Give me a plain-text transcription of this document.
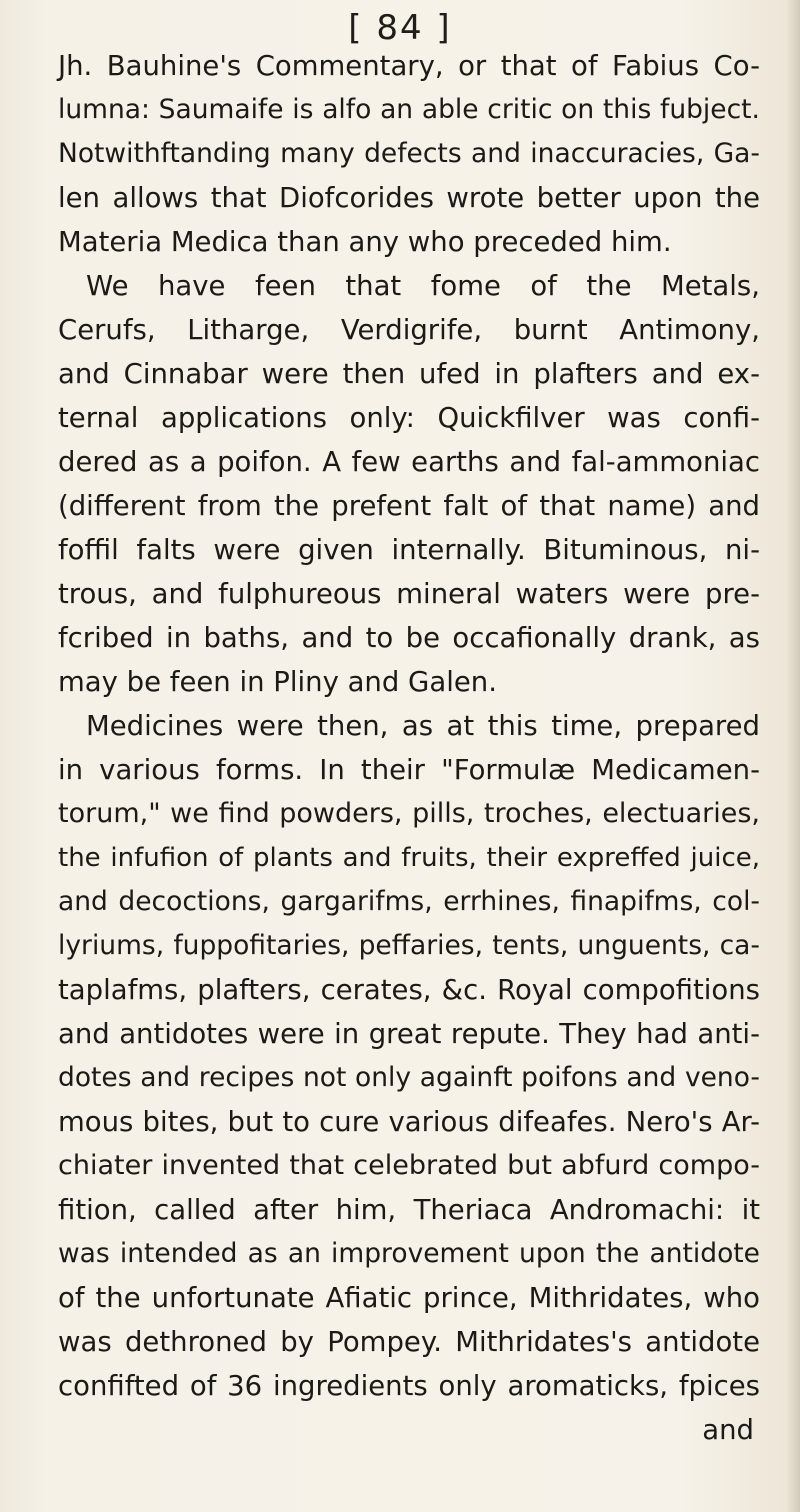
[ 84 ]
Jh. Bauhine's Commentary, or that of Fabius Co-
lumna: Saumaife is alfo an able critic on this fubject.
Notwithftanding many defects and inaccuracies, Ga-
len allows that Diofcorides wrote better upon the
Materia Medica than any who preceded him.
We have feen that fome of the Metals,
Cerufs, Litharge, Verdigrife, burnt Antimony,
and Cinnabar were then ufed in plafters and ex-
ternal applications only: Quickfilver was confi-
dered as a poifon. A few earths and fal-ammoniac
(different from the prefent falt of that name) and
foffil falts were given internally. Bituminous, ni-
trous, and fulphureous mineral waters were pre-
fcribed in baths, and to be occafionally drank, as
may be feen in Pliny and Galen.
Medicines were then, as at this time, prepared
in various forms. In their "Formulæ Medicamen-
torum," we find powders, pills, troches, electuaries,
the infufion of plants and fruits, their expreffed juice,
and decoctions, gargarifms, errhines, finapifms, col-
lyriums, fuppofitaries, peffaries, tents, unguents, ca-
taplafms, plafters, cerates, &c. Royal compofitions
and antidotes were in great repute. They had anti-
dotes and recipes not only againft poifons and veno-
mous bites, but to cure various difeafes. Nero's Ar-
chiater invented that celebrated but abfurd compo-
fition, called after him, Theriaca Andromachi: it
was intended as an improvement upon the antidote
of the unfortunate Afiatic prince, Mithridates, who
was dethroned by Pompey. Mithridates's antidote
confifted of 36 ingredients only aromaticks, fpices
and
